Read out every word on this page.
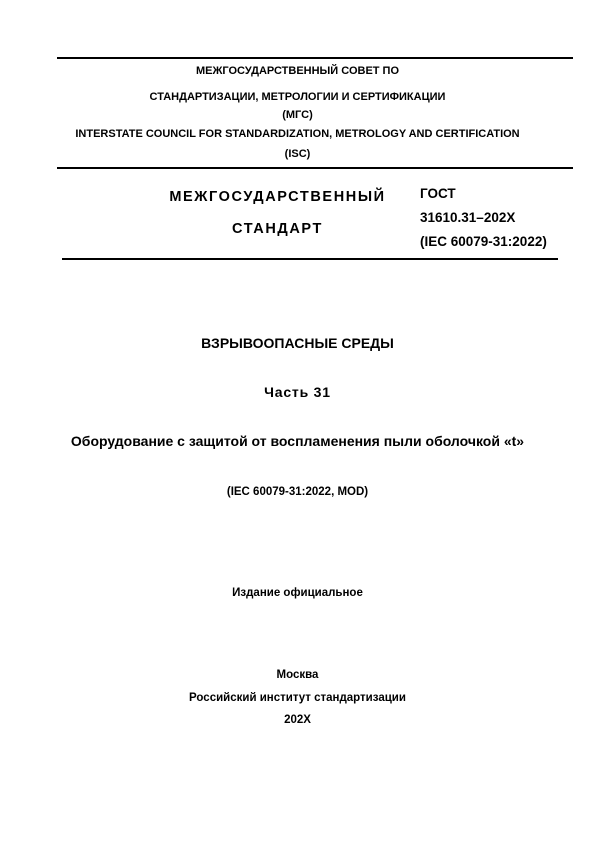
МЕЖГОСУДАРСТВЕННЫЙ СОВЕТ ПО
СТАНДАРТИЗАЦИИ, МЕТРОЛОГИИ И СЕРТИФИКАЦИИ
(МГС)
INTERSTATE COUNCIL FOR STANDARDIZATION, METROLOGY AND CERTIFICATION
(ISC)
МЕЖГОСУДАРСТВЕННЫЙ
СТАНДАРТ
ГОСТ
31610.31–202Х
(IEC 60079-31:2022)
ВЗРЫВООПАСНЫЕ СРЕДЫ
Часть 31
Оборудование с защитой от воспламенения пыли оболочкой «t»
(IEC 60079-31:2022, MOD)
Издание официальное
Москва
Российский институт стандартизации
202Х
